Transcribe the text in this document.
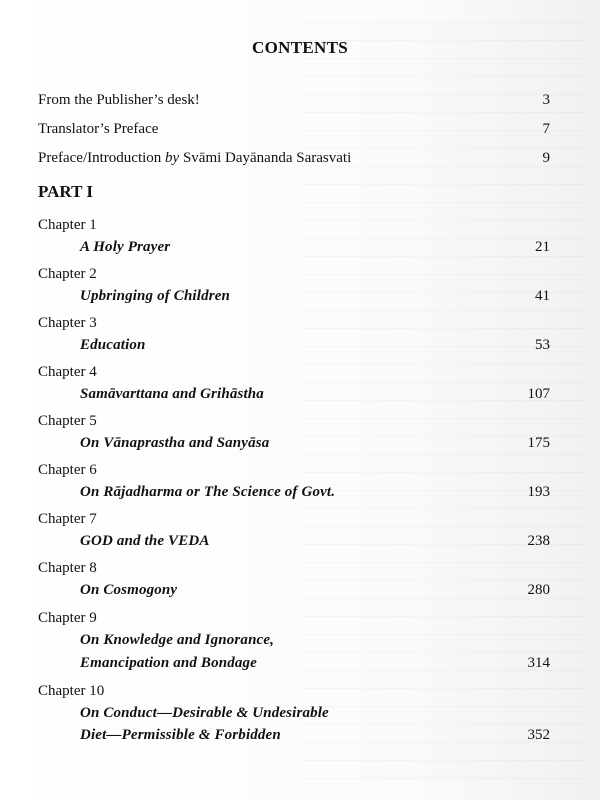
CONTENTS
From the Publisher’s desk!	3
Translator’s Preface	7
Preface/Introduction by Svāmi Dayānanda Sarasvati	9
PART I
Chapter 1
A Holy Prayer	21
Chapter 2
Upbringing of Children	41
Chapter 3
Education	53
Chapter 4
Samāvarttana and Grihāstha	107
Chapter 5
On Vānaprastha and Sanyāsa	175
Chapter 6
On Rājadharma or The Science of Govt.	193
Chapter 7
GOD and the VEDA	238
Chapter 8
On Cosmogony	280
Chapter 9
On Knowledge and Ignorance,
Emancipation and Bondage	314
Chapter 10
On Conduct—Desirable & Undesirable
Diet—Permissible & Forbidden	352
